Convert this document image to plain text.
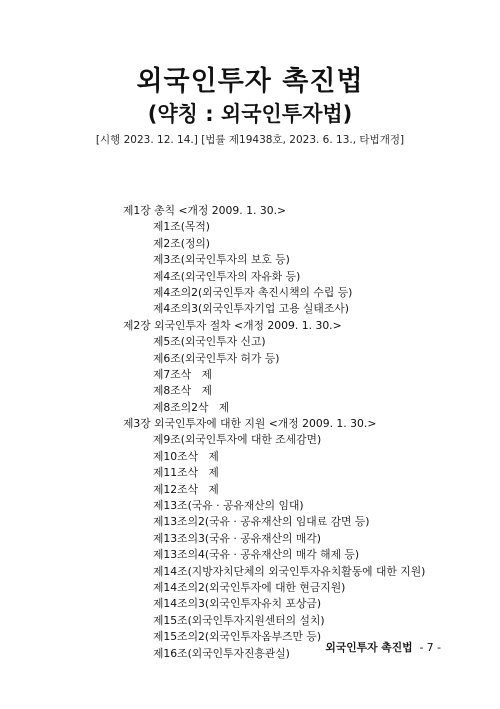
외국인투자 촉진법
(약칭 : 외국인투자법)
[시행 2023. 12. 14.] [법률 제19438호, 2023. 6. 13., 타법개정]
제1장 총칙 <개정 2009. 1. 30.>
제1조(목적)
제2조(정의)
제3조(외국인투자의 보호 등)
제4조(외국인투자의 자유화 등)
제4조의2(외국인투자 촉진시책의 수립 등)
제4조의3(외국인투자기업 고용 실태조사)
제2장 외국인투자 절차 <개정 2009. 1. 30.>
제5조(외국인투자 신고)
제6조(외국인투자 허가 등)
제7조삭   제
제8조삭   제
제8조의2삭   제
제3장 외국인투자에 대한 지원 <개정 2009. 1. 30.>
제9조(외국인투자에 대한 조세감면)
제10조삭   제
제11조삭   제
제12조삭   제
제13조(국유 · 공유재산의 임대)
제13조의2(국유 · 공유재산의 임대료 감면 등)
제13조의3(국유 · 공유재산의 매각)
제13조의4(국유 · 공유재산의 매각 해제 등)
제14조(지방자치단체의 외국인투자유치활동에 대한 지원)
제14조의2(외국인투자에 대한 현금지원)
제14조의3(외국인투자유치 포상금)
제15조(외국인투자지원센터의 설치)
제15조의2(외국인투자옴부즈만 등)
제16조(외국인투자진흥관실)	외국인투자 촉진법 - 7 -
